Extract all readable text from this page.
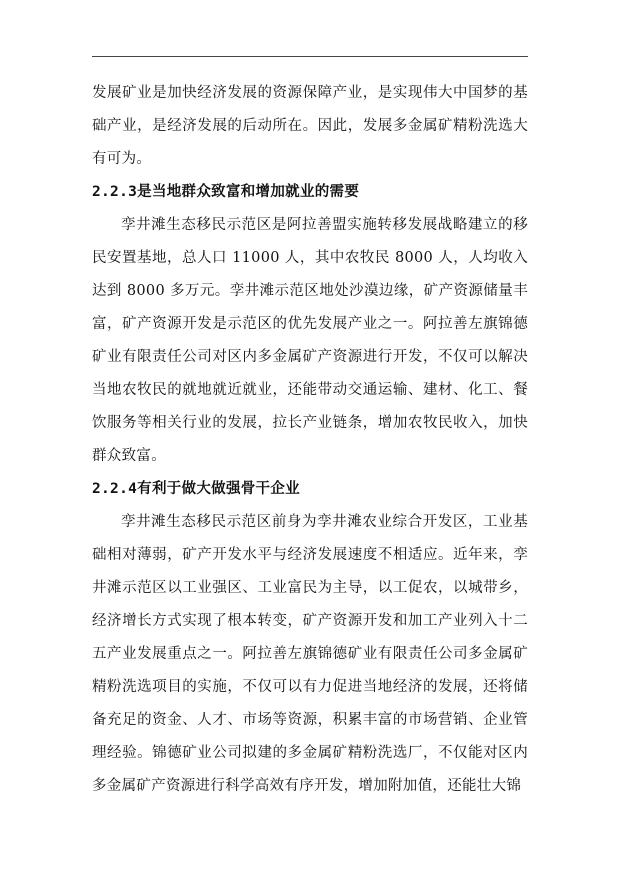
发展矿业是加快经济发展的资源保障产业，是实现伟大中国梦的基础产业，是经济发展的后动所在。因此，发展多金属矿精粉洗选大有可为。

2.2.3是当地群众致富和增加就业的需要

孪井滩生态移民示范区是阿拉善盟实施转移发展战略建立的移民安置基地，总人口 11000 人，其中农牧民 8000 人，人均收入达到 8000 多万元。孪井滩示范区地处沙漠边缘，矿产资源储量丰富，矿产资源开发是示范区的优先发展产业之一。阿拉善左旗锦德矿业有限责任公司对区内多金属矿产资源进行开发，不仅可以解决当地农牧民的就地就近就业，还能带动交通运输、建材、化工、餐饮服务等相关行业的发展，拉长产业链条，增加农牧民收入，加快群众致富。

2.2.4有利于做大做强骨干企业

孪井滩生态移民示范区前身为孪井滩农业综合开发区，工业基础相对薄弱，矿产开发水平与经济发展速度不相适应。近年来，孪井滩示范区以工业强区、工业富民为主导，以工促农，以城带乡，经济增长方式实现了根本转变，矿产资源开发和加工产业列入十二五产业发展重点之一。阿拉善左旗锦德矿业有限责任公司多金属矿精粉洗选项目的实施，不仅可以有力促进当地经济的发展，还将储备充足的资金、人才、市场等资源，积累丰富的市场营销、企业管理经验。锦德矿业公司拟建的多金属矿精粉洗选厂，不仅能对区内多金属矿产资源进行科学高效有序开发，增加附加值，还能壮大锦
